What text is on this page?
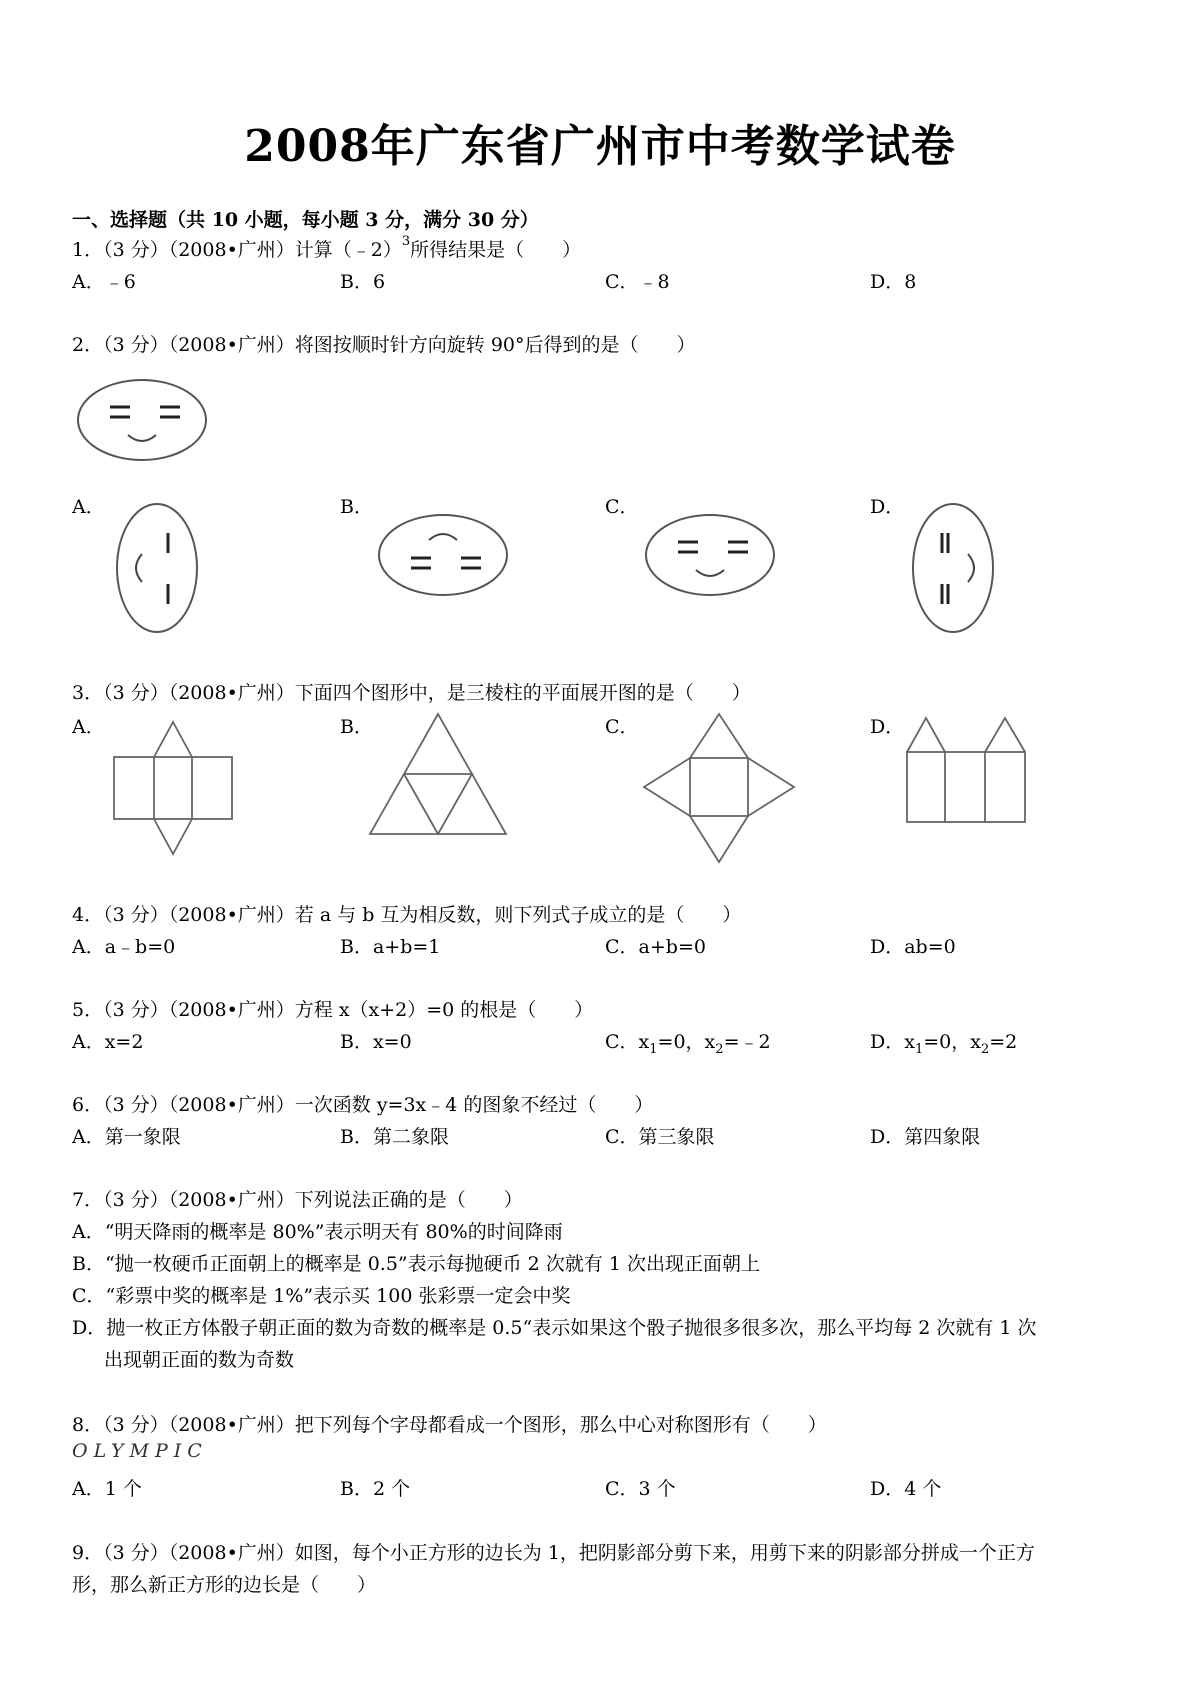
2008年广东省广州市中考数学试卷
一、选择题（共 10 小题，每小题 3 分，满分 30 分）
1．（3 分）（2008•广州）计算（﹣2）$^3$所得结果是（　　）
A．﹣6	B．6	C．﹣8	D．8
2．（3 分）（2008•广州）将图按顺时针方向旋转 90°后得到的是（　　）
A．	B．	C．	D．
3．（3 分）（2008•广州）下面四个图形中，是三棱柱的平面展开图的是（　　）
A．	B．	C．	D．
4．（3 分）（2008•广州）若 a 与 b 互为相反数，则下列式子成立的是（　　）
A．a﹣b=0	B．a+b=1	C．a+b=0	D．ab=0
5．（3 分）（2008•广州）方程 x（x+2）=0 的根是（　　）
A．x=2	B．x=0	C．$x_1=0$，$x_2=﹣2$	D．$x_1=0$，$x_2=2$
6．（3 分）（2008•广州）一次函数 y=3x﹣4 的图象不经过（　　）
A．第一象限	B．第二象限	C．第三象限	D．第四象限
7．（3 分）（2008•广州）下列说法正确的是（　　）
A．“明天降雨的概率是 80%”表示明天有 80%的时间降雨
B．“抛一枚硬币正面朝上的概率是 0.5”表示每抛硬币 2 次就有 1 次出现正面朝上
C．“彩票中奖的概率是 1%”表示买 100 张彩票一定会中奖
D．抛一枚正方体骰子朝正面的数为奇数的概率是 0.5“表示如果这个骰子抛很多很多次，那么平均每 2 次就有 1 次
出现朝正面的数为奇数
8．（3 分）（2008•广州）把下列每个字母都看成一个图形，那么中心对称图形有（　　）
OLYMPIC
A．1 个	B．2 个	C．3 个	D．4 个
9．（3 分）（2008•广州）如图，每个小正方形的边长为 1，把阴影部分剪下来，用剪下来的阴影部分拼成一个正方
形，那么新正方形的边长是（　　）
